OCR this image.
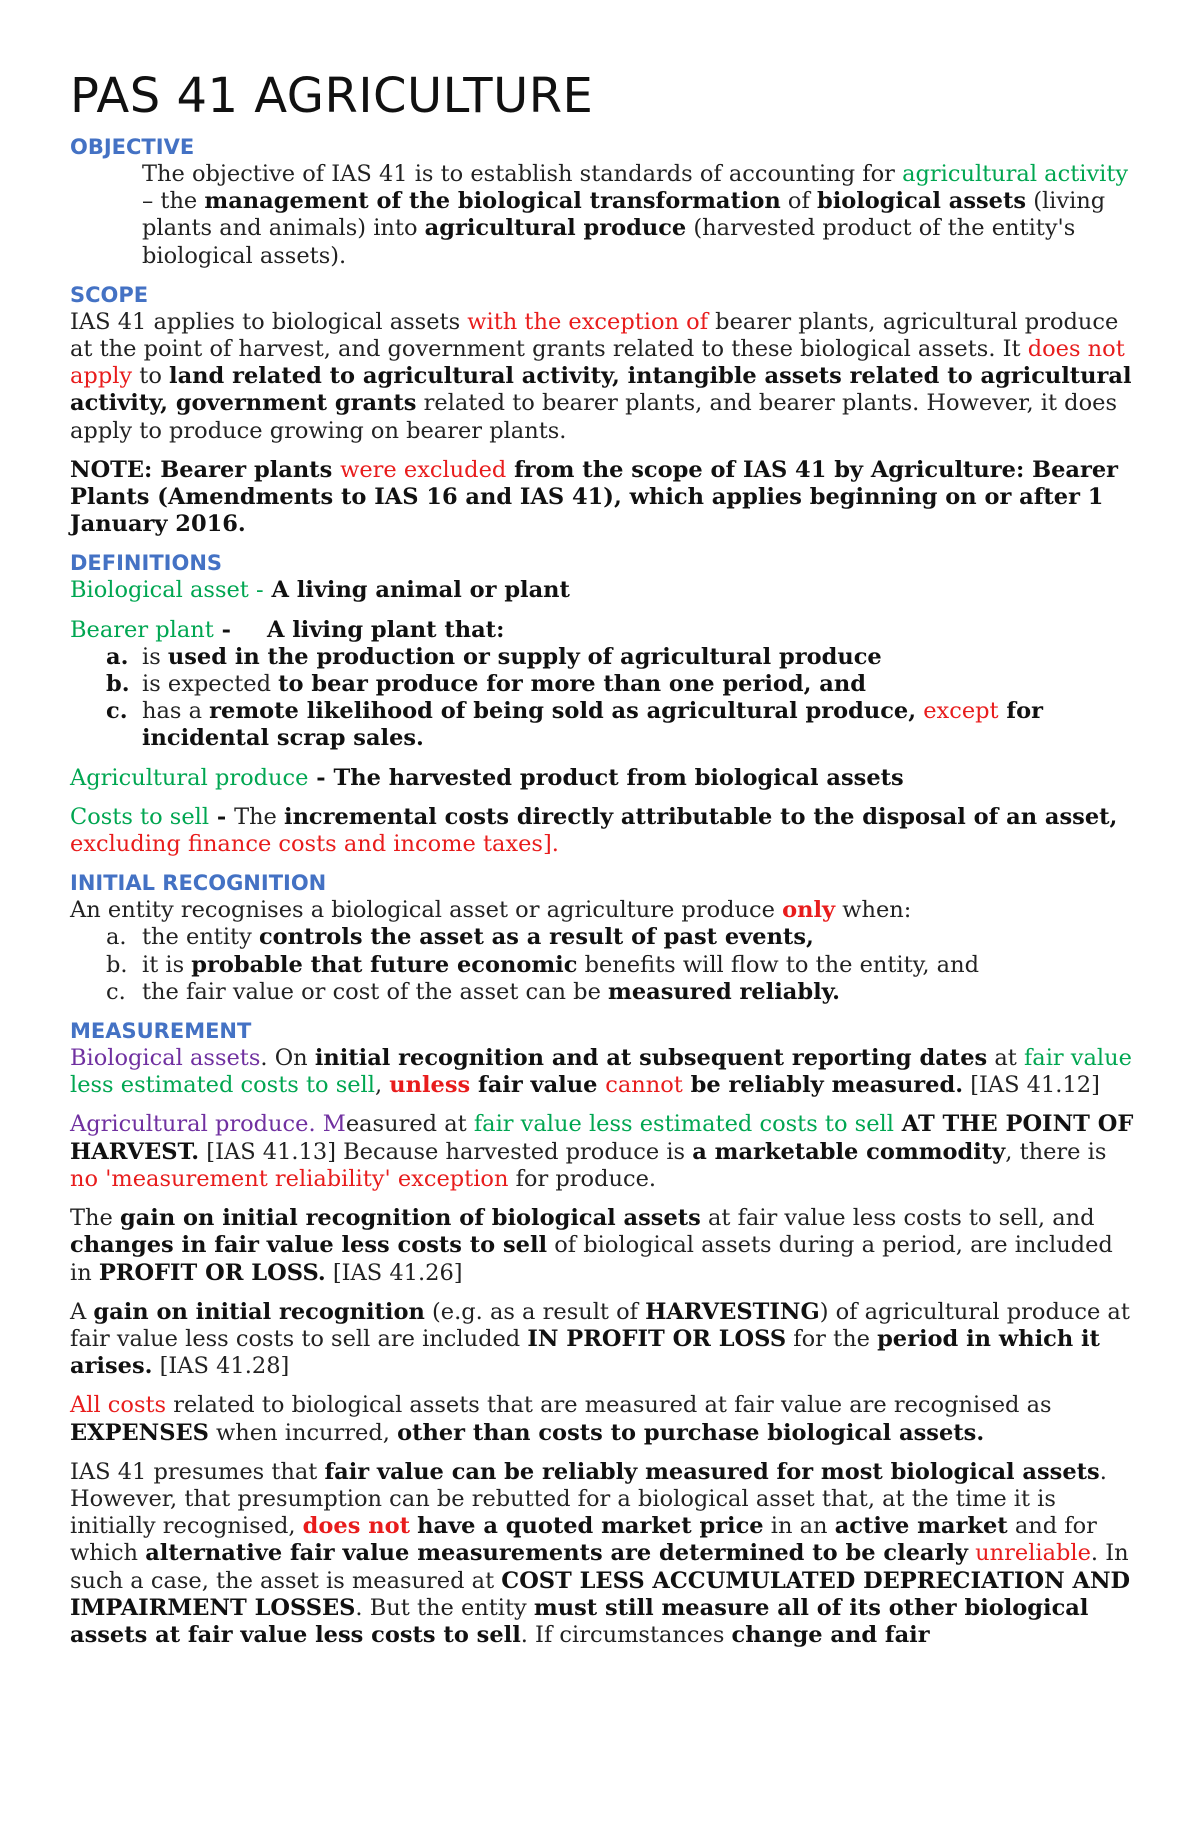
PAS 41 AGRICULTURE
OBJECTIVE

The objective of IAS 41 is to establish standards of accounting for agricultural activity – the management of the biological transformation of biological assets (living plants and animals) into agricultural produce (harvested product of the entity's biological assets).

SCOPE

IAS 41 applies to biological assets with the exception of bearer plants, agricultural produce at the point of harvest, and government grants related to these biological assets. It does not apply to land related to agricultural activity, intangible assets related to agricultural activity, government grants related to bearer plants, and bearer plants. However, it does apply to produce growing on bearer plants.

NOTE: Bearer plants were excluded from the scope of IAS 41 by Agriculture: Bearer Plants (Amendments to IAS 16 and IAS 41), which applies beginning on or after 1 January 2016.

DEFINITIONS

Biological asset - A living animal or plant

Bearer plant - A living plant that:
a. is used in the production or supply of agricultural produce
b. is expected to bear produce for more than one period, and
c. has a remote likelihood of being sold as agricultural produce, except for incidental scrap sales.

Agricultural produce - The harvested product from biological assets

Costs to sell - The incremental costs directly attributable to the disposal of an asset, excluding finance costs and income taxes].

INITIAL RECOGNITION
An entity recognises a biological asset or agriculture produce only when:
a. the entity controls the asset as a result of past events,
b. it is probable that future economic benefits will flow to the entity, and
c. the fair value or cost of the asset can be measured reliably.
MEASUREMENT

Biological assets. On initial recognition and at subsequent reporting dates at fair value less estimated costs to sell, unless fair value cannot be reliably measured. [IAS 41.12]

Agricultural produce. Measured at fair value less estimated costs to sell AT THE POINT OF HARVEST. [IAS 41.13] Because harvested produce is a marketable commodity, there is no 'measurement reliability' exception for produce.

The gain on initial recognition of biological assets at fair value less costs to sell, and changes in fair value less costs to sell of biological assets during a period, are included in PROFIT OR LOSS. [IAS 41.26]

A gain on initial recognition (e.g. as a result of HARVESTING) of agricultural produce at fair value less costs to sell are included IN PROFIT OR LOSS for the period in which it arises. [IAS 41.28]

All costs related to biological assets that are measured at fair value are recognised as EXPENSES when incurred, other than costs to purchase biological assets.

IAS 41 presumes that fair value can be reliably measured for most biological assets. However, that presumption can be rebutted for a biological asset that, at the time it is initially recognised, does not have a quoted market price in an active market and for which alternative fair value measurements are determined to be clearly unreliable. In such a case, the asset is measured at COST LESS ACCUMULATED DEPRECIATION AND IMPAIRMENT LOSSES. But the entity must still measure all of its other biological assets at fair value less costs to sell. If circumstances change and fair
